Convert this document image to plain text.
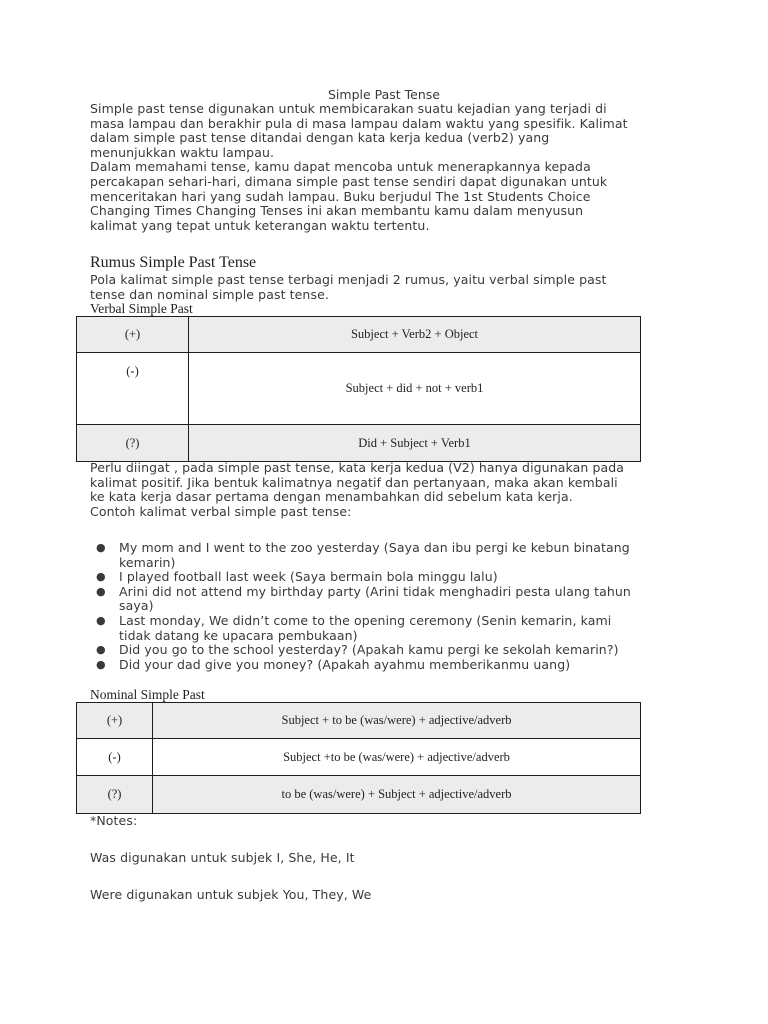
Simple Past Tense

Simple past tense digunakan untuk membicarakan suatu kejadian yang terjadi di

masa lampau dan berakhir pula di masa lampau dalam waktu yang spesifik. Kalimat

dalam simple past tense ditandai dengan kata kerja kedua (verb2) yang

menunjukkan waktu lampau.

Dalam memahami tense, kamu dapat mencoba untuk menerapkannya kepada

percakapan sehari-hari, dimana simple past tense sendiri dapat digunakan untuk

menceritakan hari yang sudah lampau. Buku berjudul The 1st Students Choice

Changing Times Changing Tenses ini akan membantu kamu dalam menyusun

kalimat yang tepat untuk keterangan waktu tertentu.

Rumus Simple Past Tense

Pola kalimat simple past tense terbagi menjadi 2 rumus, yaitu verbal simple past

tense dan nominal simple past tense.

Verbal Simple Past
(+)	Subject + Verb2 + Object
(-)	Subject + did + not + verb1
(?)	Did + Subject + Verb1

Perlu diingat , pada simple past tense, kata kerja kedua (V2) hanya digunakan pada

kalimat positif. Jika bentuk kalimatnya negatif dan pertanyaan, maka akan kembali

ke kata kerja dasar pertama dengan menambahkan did sebelum kata kerja.

Contoh kalimat verbal simple past tense:

● My mom and I went to the zoo yesterday (Saya dan ibu pergi ke kebun binatang
kemarin)
● I played football last week (Saya bermain bola minggu lalu)
● Arini did not attend my birthday party (Arini tidak menghadiri pesta ulang tahun
saya)
● Last monday, We didn’t come to the opening ceremony (Senin kemarin, kami
tidak datang ke upacara pembukaan)
● Did you go to the school yesterday? (Apakah kamu pergi ke sekolah kemarin?)
● Did your dad give you money? (Apakah ayahmu memberikanmu uang)
Nominal Simple Past
(+)	Subject + to be (was/were) + adjective/adverb
(-)	Subject +to be (was/were) + adjective/adverb
(?)	to be (was/were) + Subject + adjective/adverb
*Notes:
Was digunakan untuk subjek I, She, He, It
Were digunakan untuk subjek You, They, We
